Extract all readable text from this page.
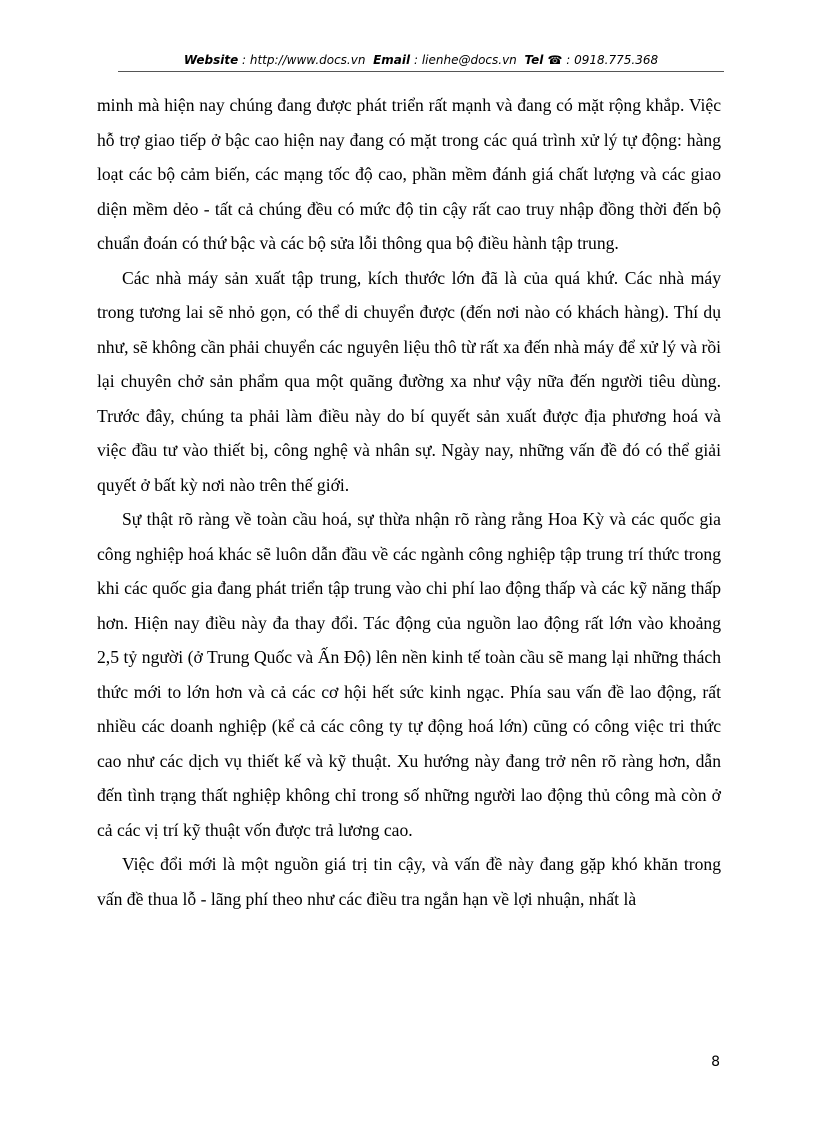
Website : http://www.docs.vn Email : lienhe@docs.vn Tel ☎ : 0918.775.368

minh mà hiện nay chúng đang được phát triển rất mạnh và đang có mặt rộng khắp. Việc hỗ trợ giao tiếp ở bậc cao hiện nay đang có mặt trong các quá trình xử lý tự động: hàng loạt các bộ cảm biến, các mạng tốc độ cao, phần mềm đánh giá chất lượng và các giao diện mềm dẻo - tất cả chúng đều có mức độ tin cậy rất cao truy nhập đồng thời đến bộ chuẩn đoán có thứ bậc và các bộ sửa lỗi thông qua bộ điều hành tập trung.

Các nhà máy sản xuất tập trung, kích thước lớn đã là của quá khứ. Các nhà máy trong tương lai sẽ nhỏ gọn, có thể di chuyển được (đến nơi nào có khách hàng). Thí dụ như, sẽ không cần phải chuyển các nguyên liệu thô từ rất xa đến nhà máy để xử lý và rồi lại chuyên chở sản phẩm qua một quãng đường xa như vậy nữa đến người tiêu dùng. Trước đây, chúng ta phải làm điều này do bí quyết sản xuất được địa phương hoá và việc đầu tư vào thiết bị, công nghệ và nhân sự. Ngày nay, những vấn đề đó có thể giải quyết ở bất kỳ nơi nào trên thế giới.

Sự thật rõ ràng về toàn cầu hoá, sự thừa nhận rõ ràng rằng Hoa Kỳ và các quốc gia công nghiệp hoá khác sẽ luôn dẫn đầu về các ngành công nghiệp tập trung trí thức trong khi các quốc gia đang phát triển tập trung vào chi phí lao động thấp và các kỹ năng thấp hơn. Hiện nay điều này đa thay đổi. Tác động của nguồn lao động rất lớn vào khoảng 2,5 tỷ người (ở Trung Quốc và Ấn Độ) lên nền kinh tế toàn cầu sẽ mang lại những thách thức mới to lớn hơn và cả các cơ hội hết sức kinh ngạc. Phía sau vấn đề lao động, rất nhiều các doanh nghiệp (kể cả các công ty tự động hoá lớn) cũng có công việc tri thức cao như các dịch vụ thiết kế và kỹ thuật. Xu hướng này đang trở nên rõ ràng hơn, dẫn đến tình trạng thất nghiệp không chỉ trong số những người lao động thủ công mà còn ở cả các vị trí kỹ thuật vốn được trả lương cao.

Việc đổi mới là một nguồn giá trị tin cậy, và vấn đề này đang gặp khó khăn trong vấn đề thua lỗ - lãng phí theo như các điều tra ngắn hạn về lợi nhuận, nhất là

8
